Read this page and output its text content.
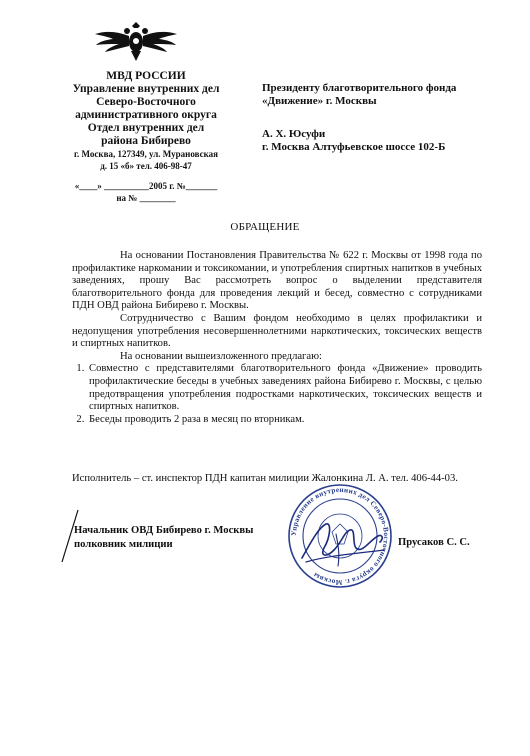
МВД РОССИИ
Управление внутренних дел
Северо-Восточного
административного округа
Отдел внутренних дел
района Бибирево
г. Москва, 127349, ул. Мурановская
д. 15 «б» тел. 406-98-47
«____» __________2005 г. №_______
на № ________
Президенту благотворительного фонда
«Движение» г. Москвы
А. Х. Юсуфи
г. Москва Алтуфьевское шоссе 102-Б
ОБРАЩЕНИЕ

На основании Постановления Правительства № 622 г. Москвы от 1998 года по профилактике наркомании и токсикомании, и употребления спиртных напитков в учебных заведениях, прошу Вас рассмотреть вопрос о выделении представителя благотворительного фонда для проведения лекций и бесед, совместно с сотрудниками ПДН ОВД района Бибирево г. Москвы.

Сотрудничество с Вашим фондом необходимо в целях профилактики и недопущения употребления несовершеннолетними наркотических, токсических веществ и спиртных напитков.

На основании вышеизложенного предлагаю:

1. Совместно с представителями благотворительного фонда «Движение» проводить профилактические беседы в учебных заведениях района Бибирево г. Москвы, с целью предотвращения употребления подростками наркотических, токсических веществ и спиртных напитков.
2. Беседы проводить 2 раза в месяц по вторникам.
Исполнитель – ст. инспектор ПДН капитан милиции Жалонкина Л. А. тел. 406-44-03.
Начальник ОВД Бибирево г. Москвы
полковник милиции
Управление внутренних дел Северо-Восточного округа г. Москвы
Прусаков С. С.
